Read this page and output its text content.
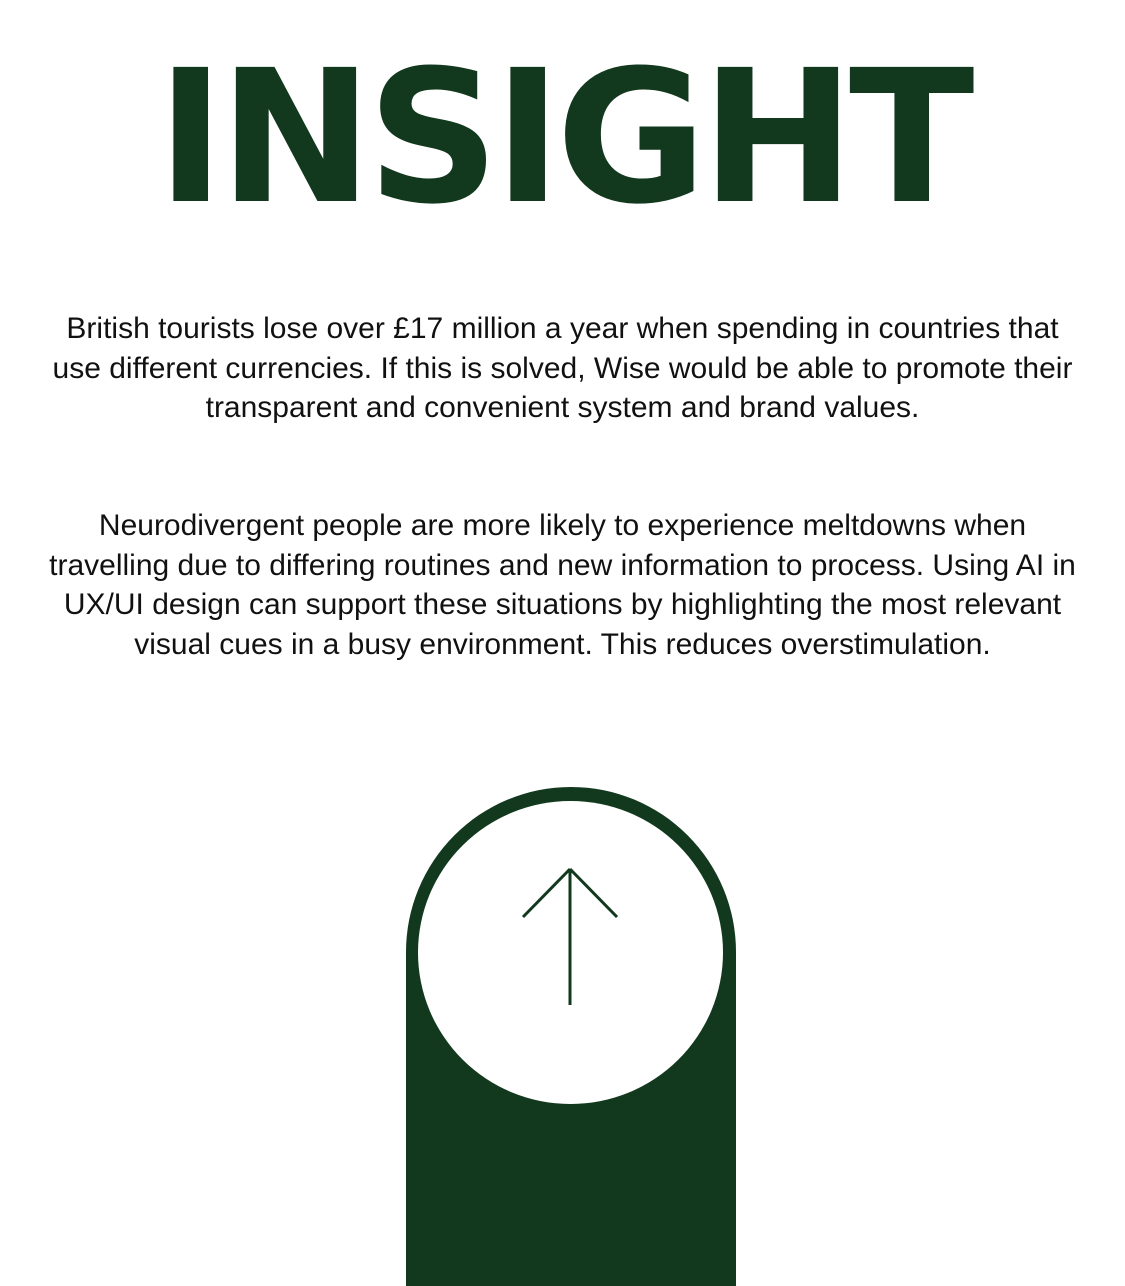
INSIGHT

British tourists lose over £17 million a year when spending in countries that use different currencies. If this is solved, Wise would be able to promote their transparent and convenient system and brand values.

Neurodivergent people are more likely to experience meltdowns when travelling due to differing routines and new information to process. Using AI in UX/UI design can support these situations by highlighting the most relevant visual cues in a busy environment. This reduces overstimulation.
